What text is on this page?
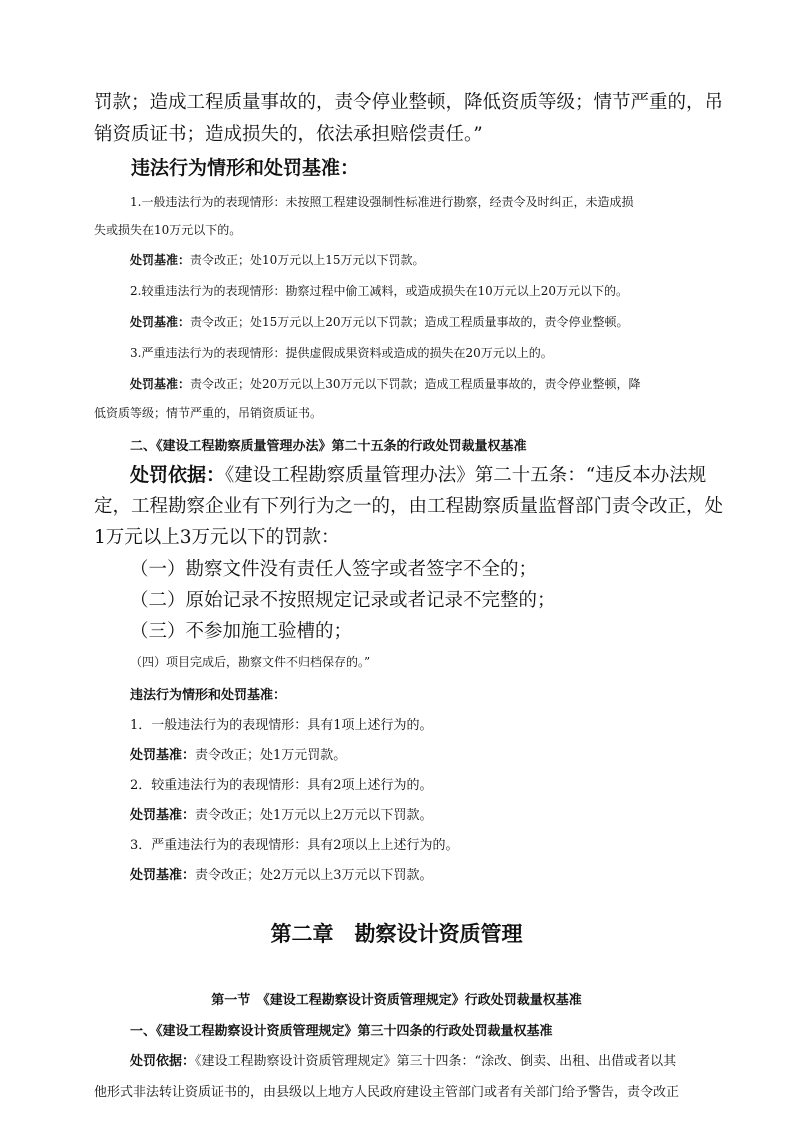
罚款；造成工程质量事故的，责令停业整顿，降低资质等级；情节严重的，吊
销资质证书；造成损失的，依法承担赔偿责任。”
违法行为情形和处罚基准：
1.一般违法行为的表现情形：未按照工程建设强制性标准进行勘察，经责令及时纠正，未造成损
失或损失在10万元以下的。
处罚基准：责令改正；处10万元以上15万元以下罚款。
2.较重违法行为的表现情形：勘察过程中偷工减料，或造成损失在10万元以上20万元以下的。
处罚基准：责令改正；处15万元以上20万元以下罚款；造成工程质量事故的，责令停业整顿。
3.严重违法行为的表现情形：提供虚假成果资料或造成的损失在20万元以上的。
处罚基准：责令改正；处20万元以上30万元以下罚款；造成工程质量事故的，责令停业整顿，降
低资质等级；情节严重的，吊销资质证书。
二、《建设工程勘察质量管理办法》第二十五条的行政处罚裁量权基准
处罚依据：《建设工程勘察质量管理办法》第二十五条：“违反本办法规
定，工程勘察企业有下列行为之一的，由工程勘察质量监督部门责令改正，处
1万元以上3万元以下的罚款：
（一）勘察文件没有责任人签字或者签字不全的；
（二）原始记录不按照规定记录或者记录不完整的；
（三）不参加施工验槽的；
（四）项目完成后，勘察文件不归档保存的。”
违法行为情形和处罚基准：
1．一般违法行为的表现情形：具有1项上述行为的。
处罚基准：责令改正；处1万元罚款。
2．较重违法行为的表现情形：具有2项上述行为的。
处罚基准：责令改正；处1万元以上2万元以下罚款。
3．严重违法行为的表现情形：具有2项以上上述行为的。
处罚基准：责令改正；处2万元以上3万元以下罚款。
第二章　勘察设计资质管理
第一节　《建设工程勘察设计资质管理规定》行政处罚裁量权基准
一、《建设工程勘察设计资质管理规定》第三十四条的行政处罚裁量权基准
处罚依据：《建设工程勘察设计资质管理规定》第三十四条：“涂改、倒卖、出租、出借或者以其
他形式非法转让资质证书的，由县级以上地方人民政府建设主管部门或者有关部门给予警告，责令改正
